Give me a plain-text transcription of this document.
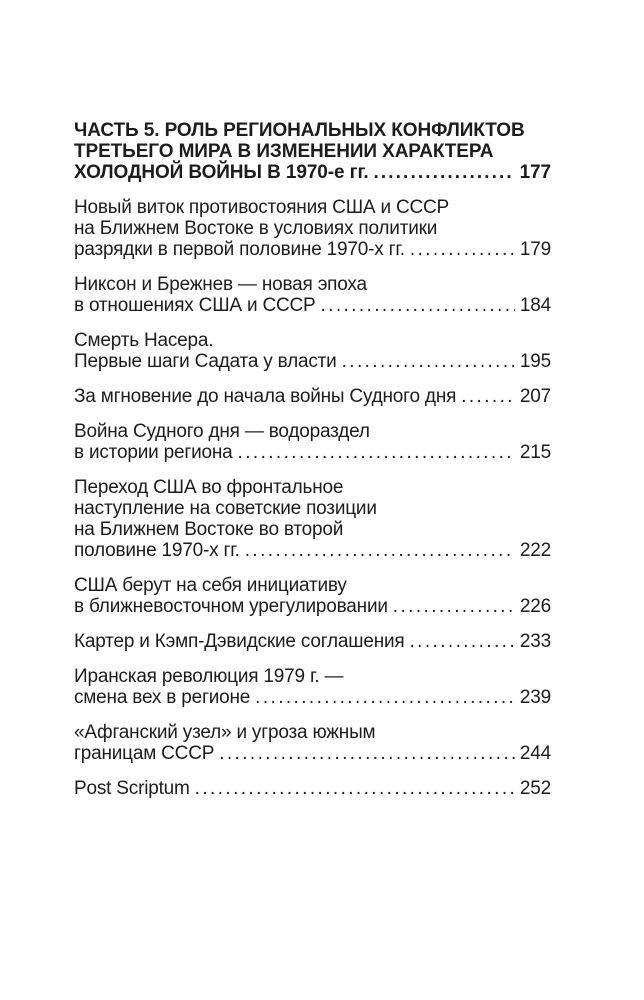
ЧАСТЬ 5. РОЛЬ РЕГИОНАЛЬНЫХ КОНФЛИКТОВ
ТРЕТЬЕГО МИРА В ИЗМЕНЕНИИ ХАРАКТЕРА
ХОЛОДНОЙ ВОЙНЫ В 1970-е гг. .....	177
Новый виток противостояния США и СССР
на Ближнем Востоке в условиях политики
разрядки в первой половине 1970-х гг. .....	179
Никсон и Брежнев — новая эпоха
в отношениях США и СССР .....	184
Смерть Насера.
Первые шаги Садата у власти .....	195
За мгновение до начала войны Судного дня .....	207
Война Судного дня — водораздел
в истории региона .....	215
Переход США во фронтальное
наступление на советские позиции
на Ближнем Востоке во второй
половине 1970-х гг. .....	222
США берут на себя инициативу
в ближневосточном урегулировании .....	226
Картер и Кэмп-Дэвидские соглашения .....	233
Иранская революция 1979 г. —
смена вех в регионе .....	239
«Афганский узел» и угроза южным
границам СССР .....	244
Post Scriptum .....	252
